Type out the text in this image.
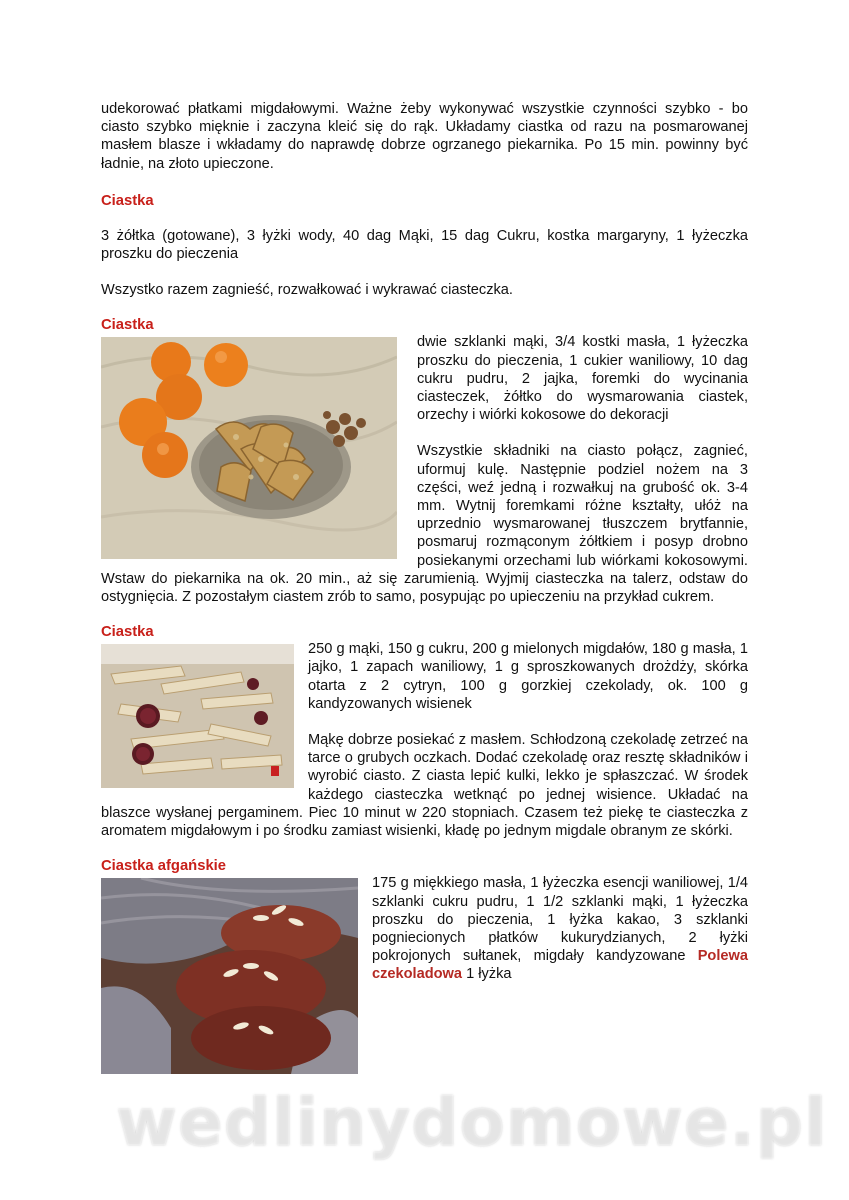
udekorować płatkami migdałowymi. Ważne żeby wykonywać wszystkie czynności szybko - bo ciasto szybko mięknie i zaczyna kleić się do rąk. Układamy ciastka od razu na posmarowanej masłem blasze i wkładamy do naprawdę dobrze ogrzanego piekarnika. Po 15 min. powinny być ładnie, na złoto upieczone.

Ciastka

3 żółtka (gotowane), 3 łyżki wody, 40 dag Mąki, 15 dag Cukru, kostka margaryny, 1 łyżeczka proszku do pieczenia

Wszystko razem zagnieść, rozwałkować i wykrawać ciasteczka.

Ciastka

dwie szklanki mąki, 3/4 kostki masła, 1 łyżeczka proszku do pieczenia, 1 cukier waniliowy, 10 dag cukru pudru, 2 jajka, foremki do wycinania ciasteczek, żółtko do wysmarowania ciastek, orzechy i wiórki kokosowe do dekoracji

Wszystkie składniki na ciasto połącz, zagnieć, uformuj kulę. Następnie podziel nożem na 3 części, weź jedną i rozwałkuj na grubość ok. 3-4 mm. Wytnij foremkami różne kształty, ułóż na uprzednio wysmarowanej tłuszczem brytfannie, posmaruj rozmąconym żółtkiem i posyp drobno posiekanymi orzechami lub wiórkami kokosowymi. Wstaw do piekarnika na ok. 20 min., aż się zarumienią. Wyjmij ciasteczka na talerz, odstaw do ostygnięcia. Z pozostałym ciastem zrób to samo, posypując po upieczeniu na przykład cukrem.

Ciastka

250 g mąki, 150 g cukru, 200 g mielonych migdałów, 180 g masła, 1 jajko, 1 zapach waniliowy, 1 g sproszkowanych drożdży, skórka otarta z 2 cytryn, 100 g gorzkiej czekolady, ok. 100 g kandyzowanych wisienek

Mąkę dobrze posiekać z masłem. Schłodzoną czekoladę zetrzeć na tarce o grubych oczkach. Dodać czekoladę oraz resztę składników i wyrobić ciasto. Z ciasta lepić kulki, lekko je spłaszczać. W środek każdego ciasteczka wetknąć po jednej wisience. Układać na blaszce wysłanej pergaminem. Piec 10 minut w 220 stopniach. Czasem też piekę te ciasteczka z aromatem migdałowym i po środku zamiast wisienki, kładę po jednym migdale obranym ze skórki.

Ciastka afgańskie

175 g miękkiego masła, 1 łyżeczka esencji waniliowej, 1/4 szklanki cukru pudru, 1 1/2 szklanki mąki, 1 łyżeczka proszku do pieczenia, 1 łyżka kakao, 3 szklanki pogniecionych płatków kukurydzianych, 2 łyżki pokrojonych sułtanek, migdały kandyzowane Polewa czekoladowa 1 łyżka

wedlinydomowe.pl
